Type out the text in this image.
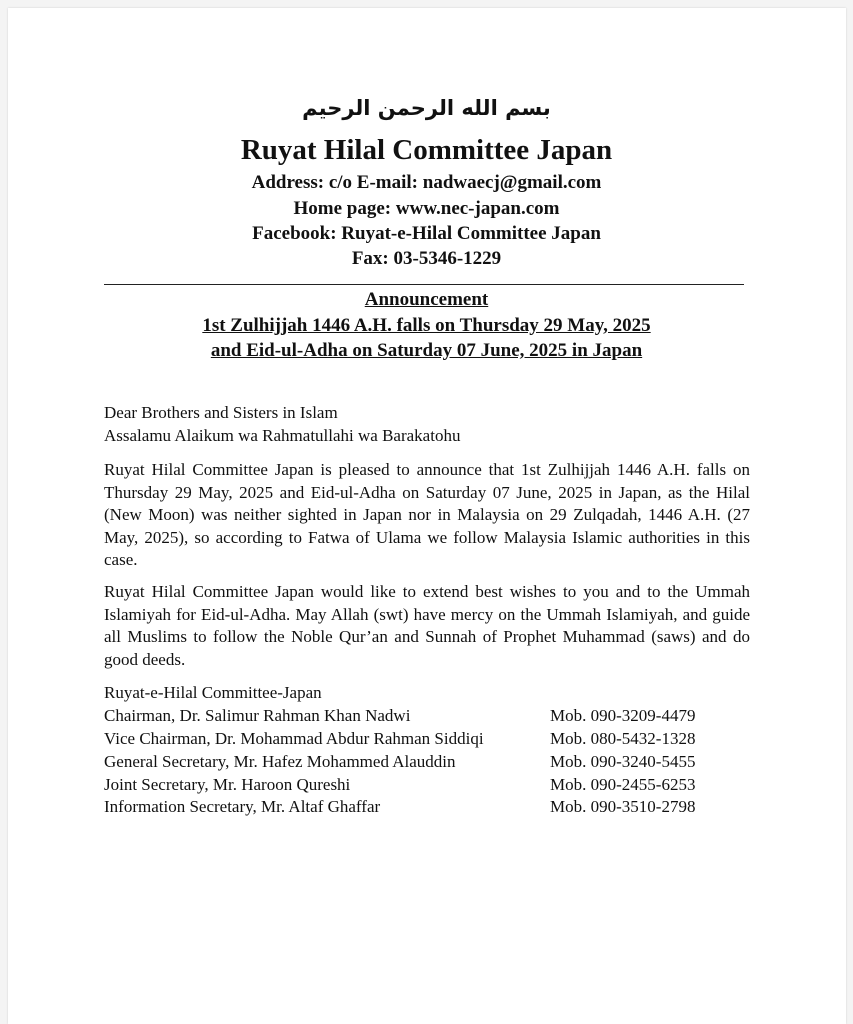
بسم الله الرحمن الرحيم
Ruyat Hilal Committee Japan
Address: c/o E-mail: nadwaecj@gmail.com
Home page: www.nec-japan.com
Facebook: Ruyat-e-Hilal Committee Japan
Fax: 03-5346-1229
Announcement
1st Zulhijjah 1446 A.H. falls on Thursday 29 May, 2025
and Eid-ul-Adha on Saturday 07 June, 2025 in Japan
Dear Brothers and Sisters in Islam
Assalamu Alaikum wa Rahmatullahi wa Barakatohu
Ruyat Hilal Committee Japan is pleased to announce that 1st Zulhijjah 1446 A.H. falls on Thursday 29 May, 2025 and Eid-ul-Adha on Saturday 07 June, 2025 in Japan, as the Hilal (New Moon) was neither sighted in Japan nor in Malaysia on 29 Zulqadah, 1446 A.H. (27 May, 2025), so according to Fatwa of Ulama we follow Malaysia Islamic authorities in this case.
Ruyat Hilal Committee Japan would like to extend best wishes to you and to the Ummah Islamiyah for Eid-ul-Adha. May Allah (swt) have mercy on the Ummah Islamiyah, and guide all Muslims to follow the Noble Qur’an and Sunnah of Prophet Muhammad (saws) and do good deeds.
Ruyat-e-Hilal Committee-Japan
Chairman, Dr. Salimur Rahman Khan Nadwi	Mob. 090-3209-4479
Vice Chairman, Dr. Mohammad Abdur Rahman Siddiqi	Mob. 080-5432-1328
General Secretary, Mr. Hafez Mohammed Alauddin	Mob. 090-3240-5455
Joint Secretary, Mr. Haroon Qureshi	Mob. 090-2455-6253
Information Secretary, Mr. Altaf Ghaffar	Mob. 090-3510-2798
